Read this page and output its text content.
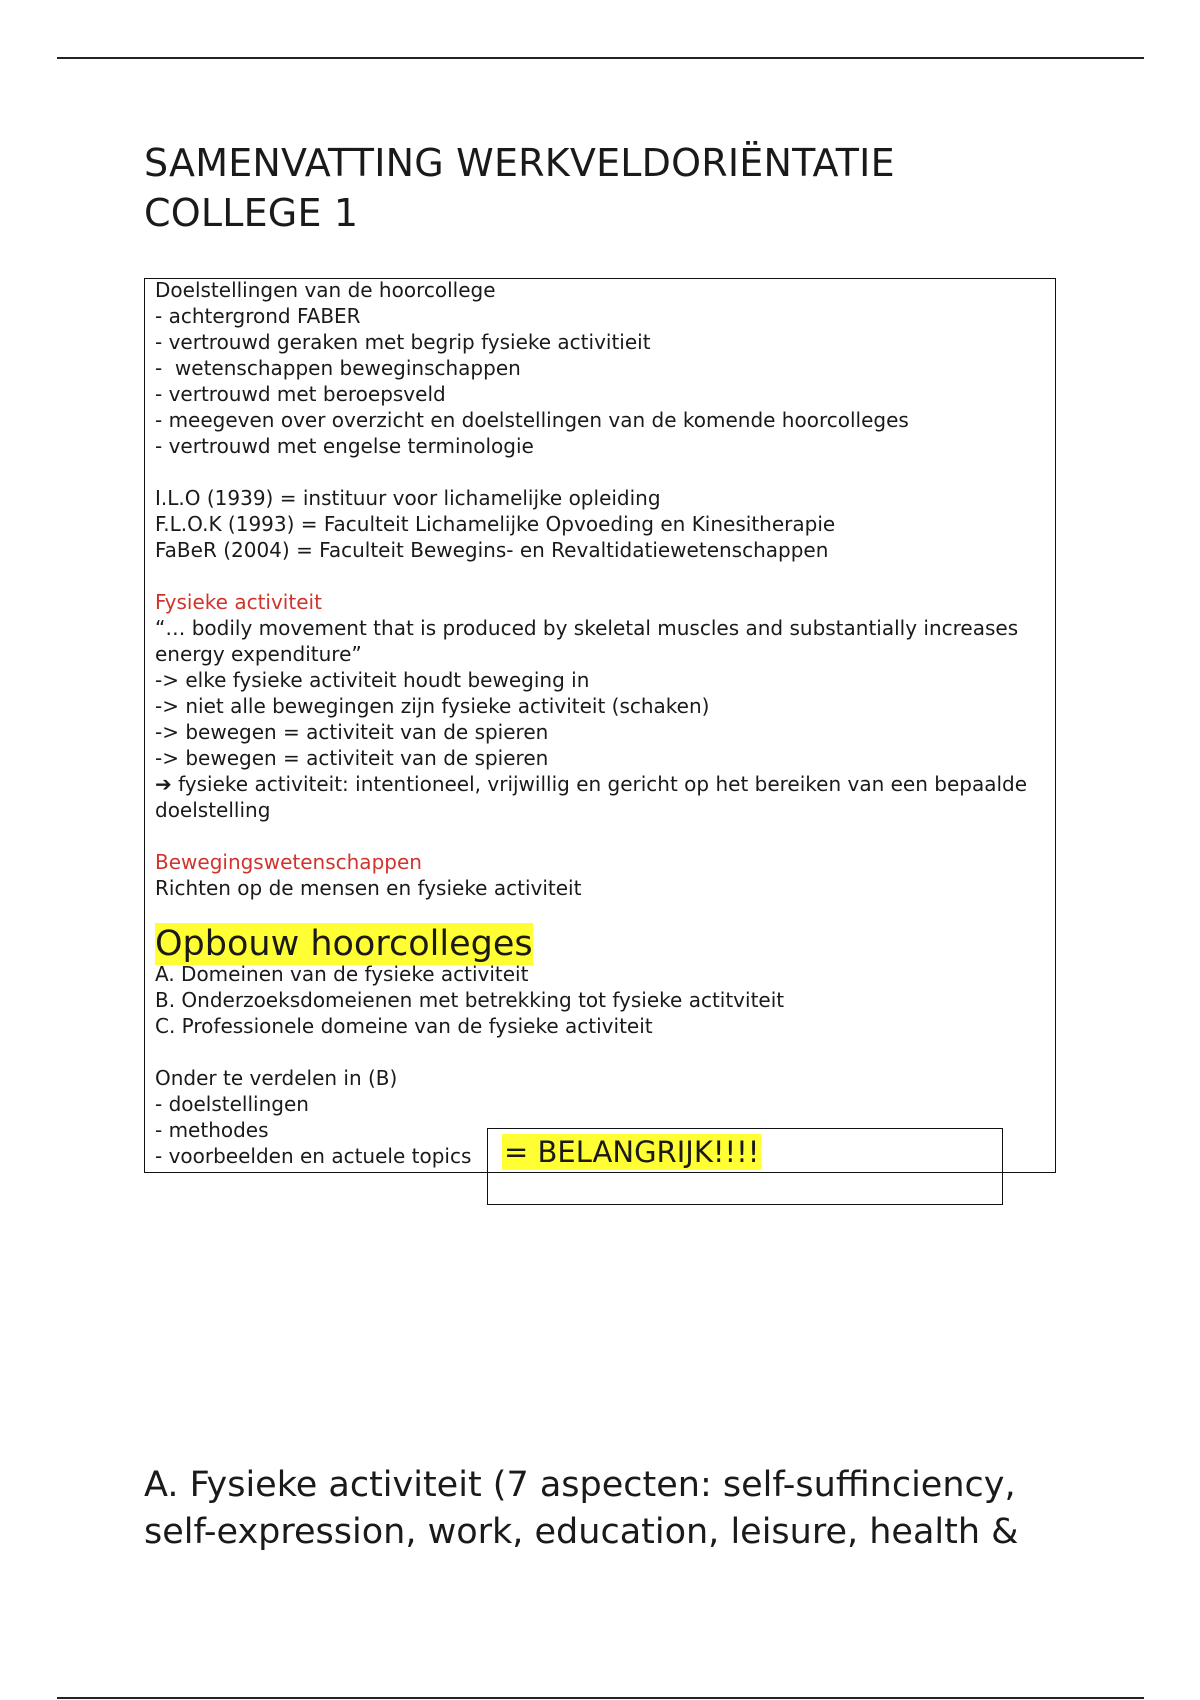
SAMENVATTING WERKVELDORIËNTATIE
COLLEGE 1
Doelstellingen van de hoorcollege
- achtergrond FABER
- vertrouwd geraken met begrip fysieke activitieit
-  wetenschappen beweginschappen
- vertrouwd met beroepsveld
- meegeven over overzicht en doelstellingen van de komende hoorcolleges
- vertrouwd met engelse terminologie
I.L.O (1939) = instituur voor lichamelijke opleiding
F.L.O.K (1993) = Faculteit Lichamelijke Opvoeding en Kinesitherapie
FaBeR (2004) = Faculteit Bewegins- en Revaltidatiewetenschappen
Fysieke activiteit
“… bodily movement that is produced by skeletal muscles and substantially increases energy expenditure”
-> elke fysieke activiteit houdt beweging in
-> niet alle bewegingen zijn fysieke activiteit (schaken)
-> bewegen = activiteit van de spieren
-> bewegen = activiteit van de spieren
➔ fysieke activiteit: intentioneel, vrijwillig en gericht op het bereiken van een bepaalde doelstelling
Bewegingswetenschappen
Richten op de mensen en fysieke activiteit
Opbouw hoorcolleges
A. Domeinen van de fysieke activiteit
B. Onderzoeksdomeienen met betrekking tot fysieke actitviteit
C. Professionele domeine van de fysieke activiteit
Onder te verdelen in (B)
- doelstellingen
- methodes
- voorbeelden en actuele topics	= BELANGRIJK!!!!
A. Fysieke activiteit (7 aspecten: self-suffinciency, self-expression, work, education, leisure, health &
